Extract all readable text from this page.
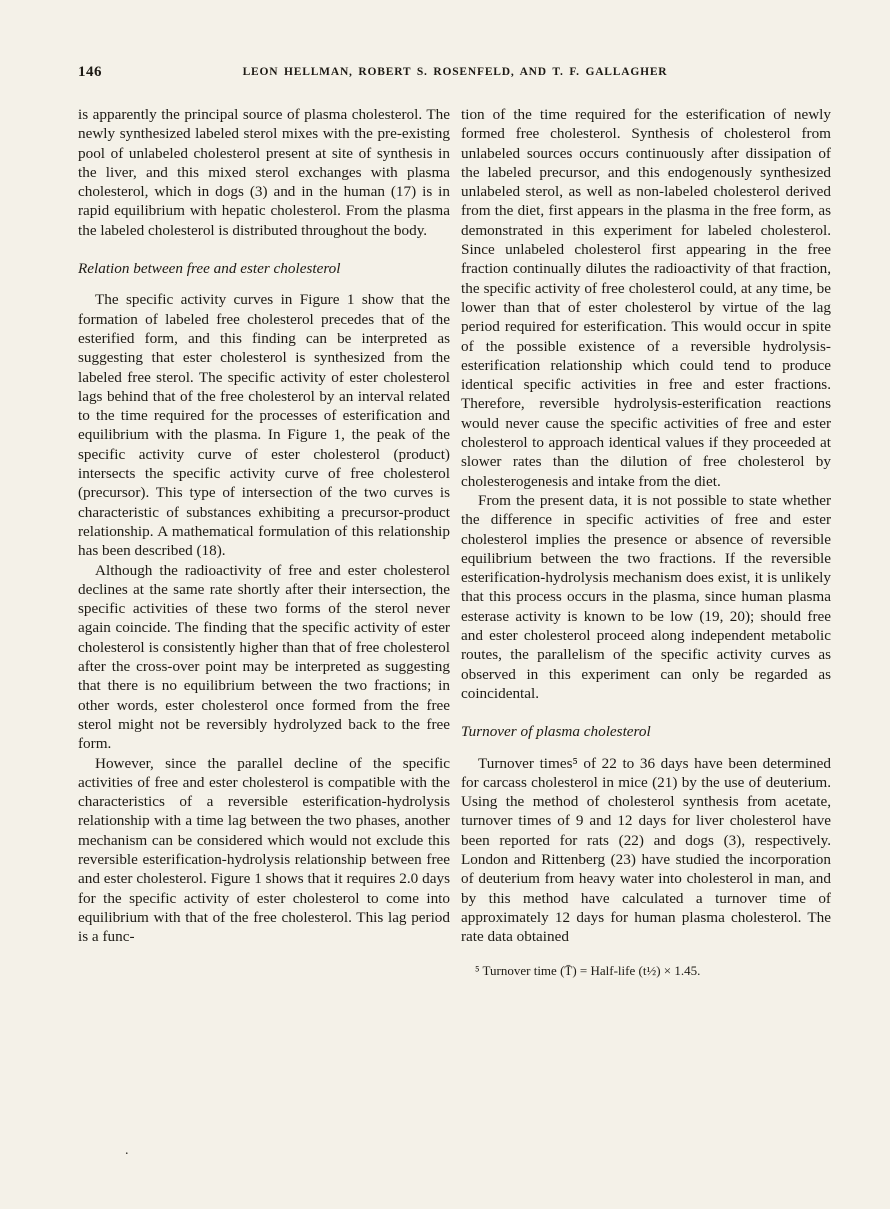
146	LEON HELLMAN, ROBERT S. ROSENFELD, AND T. F. GALLAGHER

is apparently the principal source of plasma cholesterol. The newly synthesized labeled sterol mixes with the pre-existing pool of unlabeled cholesterol present at site of synthesis in the liver, and this mixed sterol exchanges with plasma cholesterol, which in dogs (3) and in the human (17) is in rapid equilibrium with hepatic cholesterol. From the plasma the labeled cholesterol is distributed throughout the body.

Relation between free and ester cholesterol

The specific activity curves in Figure 1 show that the formation of labeled free cholesterol precedes that of the esterified form, and this finding can be interpreted as suggesting that ester cholesterol is synthesized from the labeled free sterol. The specific activity of ester cholesterol lags behind that of the free cholesterol by an interval related to the time required for the processes of esterification and equilibrium with the plasma. In Figure 1, the peak of the specific activity curve of ester cholesterol (product) intersects the specific activity curve of free cholesterol (precursor). This type of intersection of the two curves is characteristic of substances exhibiting a precursor-product relationship. A mathematical formulation of this relationship has been described (18).

Although the radioactivity of free and ester cholesterol declines at the same rate shortly after their intersection, the specific activities of these two forms of the sterol never again coincide. The finding that the specific activity of ester cholesterol is consistently higher than that of free cholesterol after the cross-over point may be interpreted as suggesting that there is no equilibrium between the two fractions; in other words, ester cholesterol once formed from the free sterol might not be reversibly hydrolyzed back to the free form.

However, since the parallel decline of the specific activities of free and ester cholesterol is compatible with the characteristics of a reversible esterification-hydrolysis relationship with a time lag between the two phases, another mechanism can be considered which would not exclude this reversible esterification-hydrolysis relationship between free and ester cholesterol. Figure 1 shows that it requires 2.0 days for the specific activity of ester cholesterol to come into equilibrium with that of the free cholesterol. This lag period is a func-

tion of the time required for the esterification of newly formed free cholesterol. Synthesis of cholesterol from unlabeled sources occurs continuously after dissipation of the labeled precursor, and this endogenously synthesized unlabeled sterol, as well as non-labeled cholesterol derived from the diet, first appears in the plasma in the free form, as demonstrated in this experiment for labeled cholesterol. Since unlabeled cholesterol first appearing in the free fraction continually dilutes the radioactivity of that fraction, the specific activity of free cholesterol could, at any time, be lower than that of ester cholesterol by virtue of the lag period required for esterification. This would occur in spite of the possible existence of a reversible hydrolysis-esterification relationship which could tend to produce identical specific activities in free and ester fractions. Therefore, reversible hydrolysis-esterification reactions would never cause the specific activities of free and ester cholesterol to approach identical values if they proceeded at slower rates than the dilution of free cholesterol by cholesterogenesis and intake from the diet.

From the present data, it is not possible to state whether the difference in specific activities of free and ester cholesterol implies the presence or absence of reversible equilibrium between the two fractions. If the reversible esterification-hydrolysis mechanism does exist, it is unlikely that this process occurs in the plasma, since human plasma esterase activity is known to be low (19, 20); should free and ester cholesterol proceed along independent metabolic routes, the parallelism of the specific activity curves as observed in this experiment can only be regarded as coincidental.

Turnover of plasma cholesterol

Turnover times⁵ of 22 to 36 days have been determined for carcass cholesterol in mice (21) by the use of deuterium. Using the method of cholesterol synthesis from acetate, turnover times of 9 and 12 days for liver cholesterol have been reported for rats (22) and dogs (3), respectively. London and Rittenberg (23) have studied the incorporation of deuterium from heavy water into cholesterol in man, and by this method have calculated a turnover time of approximately 12 days for human plasma cholesterol. The rate data obtained

⁵ Turnover time (T̄) = Half-life (t½) × 1.45.

.
